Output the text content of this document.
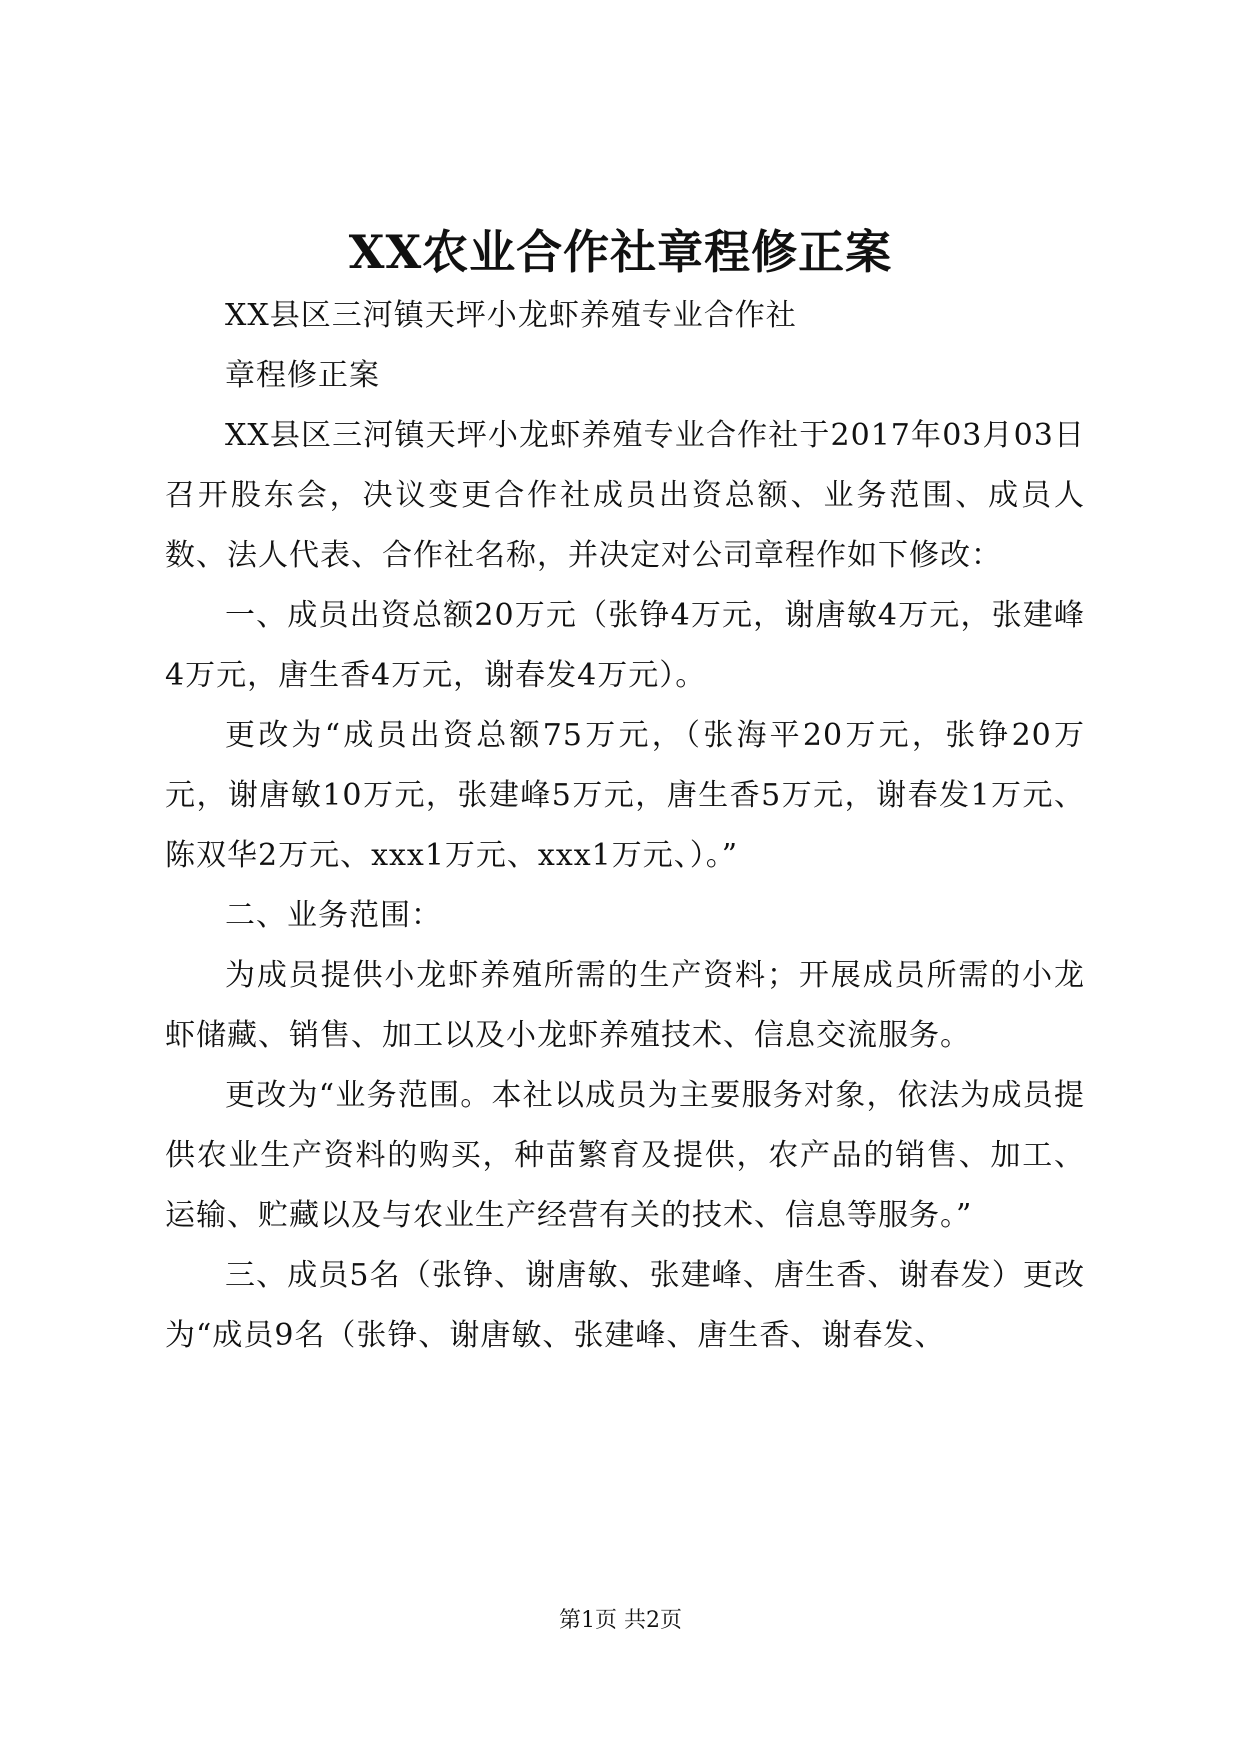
XX农业合作社章程修正案

XX县区三河镇天坪小龙虾养殖专业合作社

章程修正案

XX县区三河镇天坪小龙虾养殖专业合作社于2017年03月03日召开股东会，决议变更合作社成员出资总额、业务范围、成员人数、法人代表、合作社名称，并决定对公司章程作如下修改：

一、成员出资总额20万元（张铮4万元，谢唐敏4万元，张建峰4万元，唐生香4万元，谢春发4万元）。

更改为“成员出资总额75万元，（张海平20万元，张铮20万元，谢唐敏10万元，张建峰5万元，唐生香5万元，谢春发1万元、陈双华2万元、xxx1万元、xxx1万元、）。”

二、业务范围：

为成员提供小龙虾养殖所需的生产资料；开展成员所需的小龙虾储藏、销售、加工以及小龙虾养殖技术、信息交流服务。

更改为“业务范围。本社以成员为主要服务对象，依法为成员提供农业生产资料的购买，种苗繁育及提供，农产品的销售、加工、运输、贮藏以及与农业生产经营有关的技术、信息等服务。”

三、成员5名（张铮、谢唐敏、张建峰、唐生香、谢春发）更改为“成员9名（张铮、谢唐敏、张建峰、唐生香、谢春发、

第1页 共2页
